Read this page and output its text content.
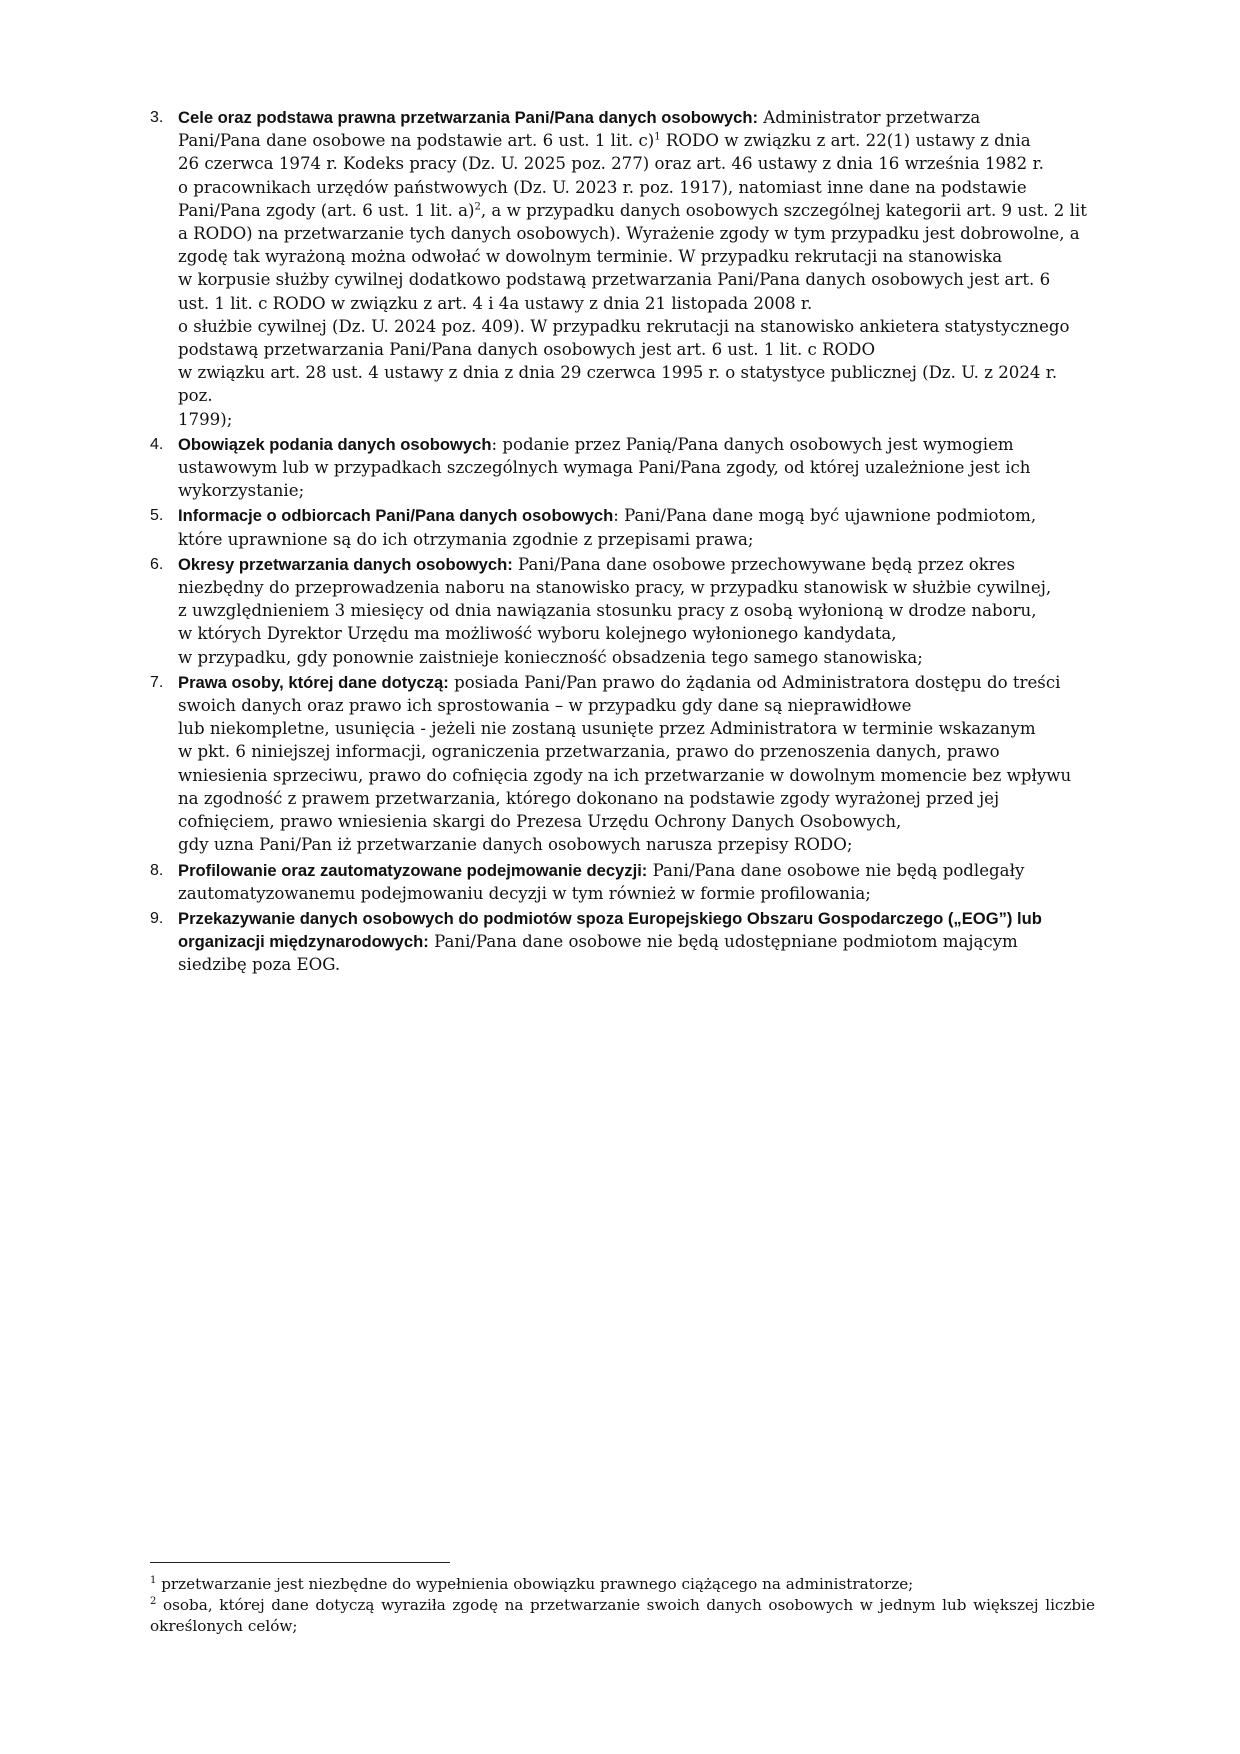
3. Cele oraz podstawa prawna przetwarzania Pani/Pana danych osobowych: Administrator przetwarza
Pani/Pana dane osobowe na podstawie art. 6 ust. 1 lit. c)$^1$ RODO w związku z art. 22(1) ustawy z dnia
26 czerwca 1974 r. Kodeks pracy (Dz. U. 2025 poz. 277) oraz art. 46 ustawy z dnia 16 września 1982 r.
o pracownikach urzędów państwowych (Dz. U. 2023 r. poz. 1917), natomiast inne dane na podstawie
Pani/Pana zgody (art. 6 ust. 1 lit. a)$^2$, a w przypadku danych osobowych szczególnej kategorii art. 9 ust. 2 lit
a RODO) na przetwarzanie tych danych osobowych). Wyrażenie zgody w tym przypadku jest dobrowolne, a
zgodę tak wyrażoną można odwołać w dowolnym terminie. W przypadku rekrutacji na stanowiska
w korpusie służby cywilnej dodatkowo podstawą przetwarzania Pani/Pana danych osobowych jest art. 6
ust. 1 lit. c RODO w związku z art. 4 i 4a ustawy z dnia 21 listopada 2008 r.
o służbie cywilnej (Dz. U. 2024 poz. 409). W przypadku rekrutacji na stanowisko ankietera statystycznego
podstawą przetwarzania Pani/Pana danych osobowych jest art. 6 ust. 1 lit. c RODO
w związku art. 28 ust. 4 ustawy z dnia z dnia 29 czerwca 1995 r. o statystyce publicznej (Dz. U. z 2024 r. poz.
1799);

4. Obowiązek podania danych osobowych: podanie przez Panią/Pana danych osobowych jest wymogiem
ustawowym lub w przypadkach szczególnych wymaga Pani/Pana zgody, od której uzależnione jest ich
wykorzystanie;

5. Informacje o odbiorcach Pani/Pana danych osobowych: Pani/Pana dane mogą być ujawnione podmiotom,
które uprawnione są do ich otrzymania zgodnie z przepisami prawa;

6. Okresy przetwarzania danych osobowych: Pani/Pana dane osobowe przechowywane będą przez okres
niezbędny do przeprowadzenia naboru na stanowisko pracy, w przypadku stanowisk w służbie cywilnej,
z uwzględnieniem 3 miesięcy od dnia nawiązania stosunku pracy z osobą wyłonioną w drodze naboru,
w których Dyrektor Urzędu ma możliwość wyboru kolejnego wyłonionego kandydata,
w przypadku, gdy ponownie zaistnieje konieczność obsadzenia tego samego stanowiska;

7. Prawa osoby, której dane dotyczą: posiada Pani/Pan prawo do żądania od Administratora dostępu do treści
swoich danych oraz prawo ich sprostowania – w przypadku gdy dane są nieprawidłowe
lub niekompletne, usunięcia - jeżeli nie zostaną usunięte przez Administratora w terminie wskazanym
w pkt. 6 niniejszej informacji, ograniczenia przetwarzania, prawo do przenoszenia danych, prawo
wniesienia sprzeciwu, prawo do cofnięcia zgody na ich przetwarzanie w dowolnym momencie bez wpływu
na zgodność z prawem przetwarzania, którego dokonano na podstawie zgody wyrażonej przed jej
cofnięciem, prawo wniesienia skargi do Prezesa Urzędu Ochrony Danych Osobowych,
gdy uzna Pani/Pan iż przetwarzanie danych osobowych narusza przepisy RODO;

8. Profilowanie oraz zautomatyzowane podejmowanie decyzji: Pani/Pana dane osobowe nie będą podlegały
zautomatyzowanemu podejmowaniu decyzji w tym również w formie profilowania;

9. Przekazywanie danych osobowych do podmiotów spoza Europejskiego Obszaru Gospodarczego („EOG”) lub
organizacji międzynarodowych: Pani/Pana dane osobowe nie będą udostępniane podmiotom mającym
siedzibę poza EOG.

$^1$ przetwarzanie jest niezbędne do wypełnienia obowiązku prawnego ciążącego na administratorze;

$^2$ osoba, której dane dotyczą wyraziła zgodę na przetwarzanie swoich danych osobowych w jednym lub większej liczbie określonych celów;
